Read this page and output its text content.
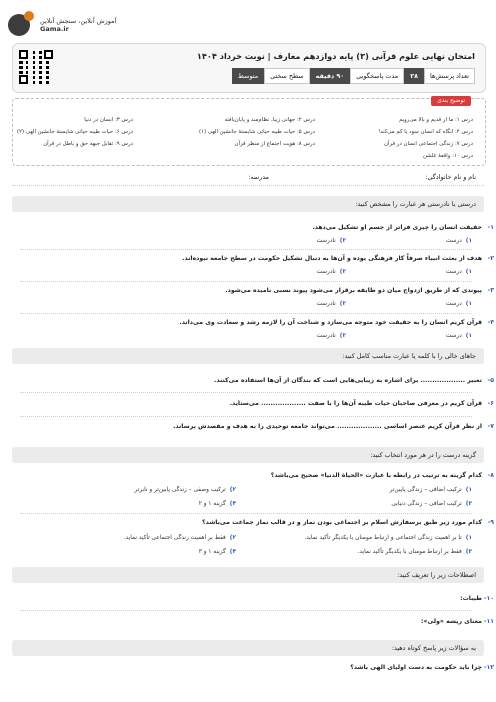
آموزش آنلاین، سنجش آنلاین
Gama.ir
امتحان نهایی علوم قرآنی (۳) پایه دوازدهم معارف | نوبت خرداد ۱۴۰۴
تعداد پرسش‌ها
۲۸
مدت پاسخگویی
۹۰ دقیقه
سطح سختی
متوسط
توضیح بندی
درس ۱: ما از قدیم و بالا می‌رویم
درس ۲: جهانی زیبا، نظام‌مند و پایان‌یافته
درس ۳: انسان در دنیا
درس ۴: انگاه که انسان سود یا کم می‌کند!
درس ۵: حیات طیبه حیاتی شایستهٔ جانشین الهی (۱)
درس ۶: حیات طیبه حیاتی شایستهٔ جانشین الهی (۲)
درس ۷: زندگی اجتماعی انسان در قرآن
درس ۸: هویت اجتماع از منظر قرآن
درس ۹: تقابل جبهه حق و باطل در قرآن
درس ۱۰: واقعهٔ غلشن
نام و نام خانوادگی:
مدرسه:
درستی یا نادرستی هر عبارت را مشخص کنید:
۱-
حقیقت انسان را چیزی فراتر از جسم او تشکیل می‌دهد.
۱)درست
۲)نادرست
۲-
هدف از بعثت انبیاء صرفاً کار فرهنگی بوده و آن‌ها به دنبال تشکیل حکومت در سطح جامعه نبوده‌اند.
۱)درست
۲)نادرست
۳-
پیوندی که از طریق ازدواج میان دو طایفه برقرار می‌شود پیوند نسبی نامیده می‌شود.
۱)درست
۲)نادرست
۴-
قرآن کریم انسان را به حقیقت خود متوجه می‌سازد و شناخت آن را لازمه رشد و سعادت وی می‌داند.
۱)درست
۲)نادرست
جاهای خالی را با کلمه یا عبارت مناسب کامل کنید:
۵-
تعبیر ................... برای اشاره به زیبایی‌هایی است که بندگان از آن‌ها استفاده می‌کنند.
۶-
قرآن کریم در معرفی صاحبان حیات طیبه آن‌ها را با صفت ................... می‌ستاید.
۷-
از نظر قرآن کریم عنصر اساسی ................... می‌تواند جامعه توحیدی را به هدف و مقصدش برساند.
گزینه درست را در هر مورد انتخاب کنید:
۸-
کدام گزینه به ترتیب در رابطه با عبارت «الحیاة الدنیا» صحیح می‌باشد؟
۱)ترکیب اضافی – زندگی پایین‌تر
۲)ترکیب وصفی – زندگی پایین‌تر و نابرتر
۳)ترکیب اضافی – زندگی دنیایی
۴)گزینه ۱ و ۲
۹-
کدام مورد زیر طبق برسفارش اسلام بر اجتماعی بودن نماز و در قالب نماز جماعت می‌باشد؟
۱)تا بر اهمیت زندگی اجتماعی و ارتباط مومنان با یکدیگر تأکید نماید.
۲)فقط بر اهمیت زندگی اجتماعی تأکید نماید.
۳)فقط بر ارتباط مومنان با یکدیگر تأکید نماید.
۴)گزینه ۱ و ۳
اصطلاحات زیر را تعریف کنید:
۱۰-
طیبات:
۱۱-
معنای ریشه «ولی»:
به سؤالات زیر پاسخ کوتاه دهید:
۱۲-
چرا باید حکومت به دست اولیای الهی باشد؟
